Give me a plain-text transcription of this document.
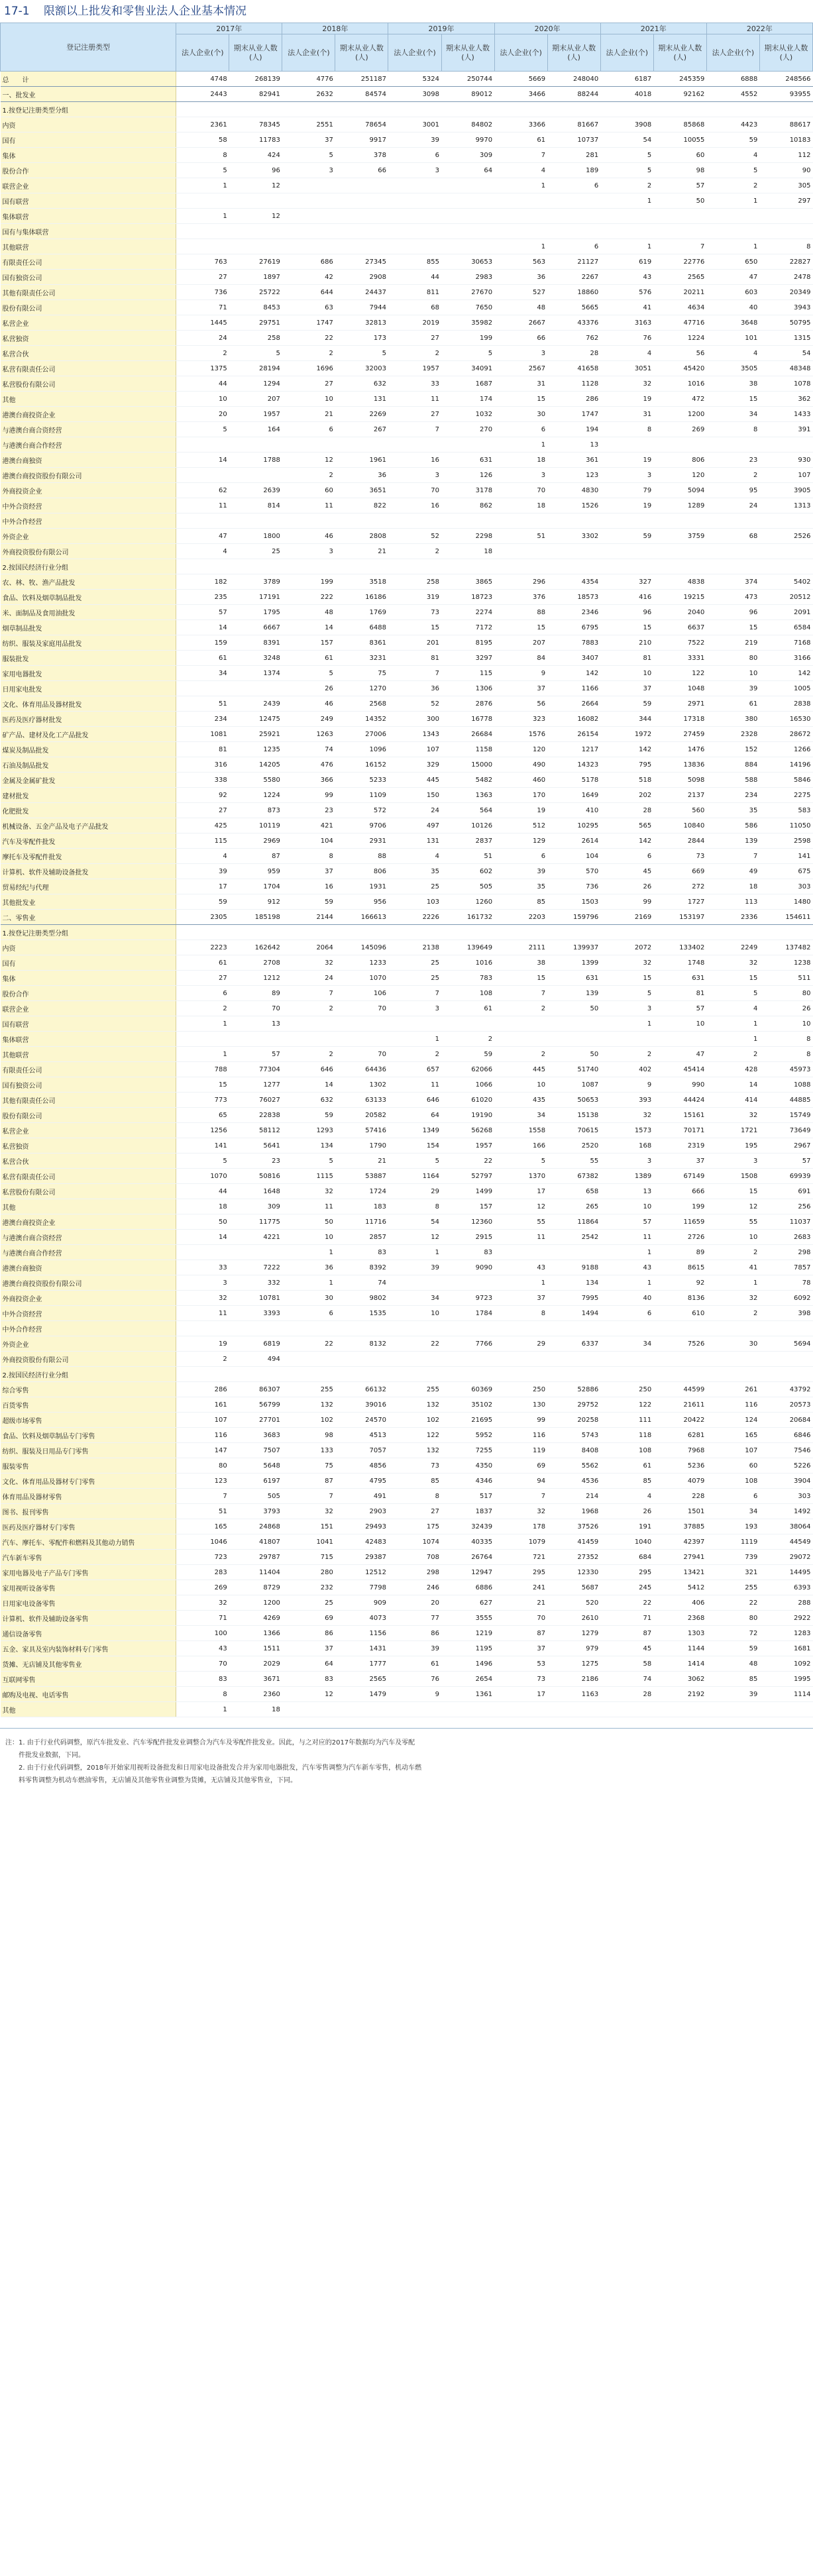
17-1 限额以上批发和零售业法人企业基本情况
登记注册类型	2017年		2018年		2019年		2020年		2021年		2022年	
	法人企业(个)	期末从业人数(人)	法人企业(个)	期末从业人数(人)	法人企业(个)	期末从业人数(人)	法人企业(个)	期末从业人数(人)	法人企业(个)	期末从业人数(人)	法人企业(个)	期末从业人数(人)
总　　计	4748	268139	4776	251187	5324	250744	5669	248040	6187	245359	6888	248566
一、批发业	2443	82941	2632	84574	3098	89012	3466	88244	4018	92162	4552	93955
1.按登记注册类型分组												
内资	2361	78345	2551	78654	3001	84802	3366	81667	3908	85868	4423	88617
国有	58	11783	37	9917	39	9970	61	10737	54	10055	59	10183
集体	8	424	5	378	6	309	7	281	5	60	4	112
股份合作	5	96	3	66	3	64	4	189	5	98	5	90
联营企业	1	12					1	6	2	57	2	305
国有联营									1	50	1	297
集体联营	1	12										
国有与集体联营												
其他联营							1	6	1	7	1	8
有限责任公司	763	27619	686	27345	855	30653	563	21127	619	22776	650	22827
国有独资公司	27	1897	42	2908	44	2983	36	2267	43	2565	47	2478
其他有限责任公司	736	25722	644	24437	811	27670	527	18860	576	20211	603	20349
股份有限公司	71	8453	63	7944	68	7650	48	5665	41	4634	40	3943
私营企业	1445	29751	1747	32813	2019	35982	2667	43376	3163	47716	3648	50795
私营独资	24	258	22	173	27	199	66	762	76	1224	101	1315
私营合伙	2	5	2	5	2	5	3	28	4	56	4	54
私营有限责任公司	1375	28194	1696	32003	1957	34091	2567	41658	3051	45420	3505	48348
私营股份有限公司	44	1294	27	632	33	1687	31	1128	32	1016	38	1078
其他	10	207	10	131	11	174	15	286	19	472	15	362
港澳台商投资企业	20	1957	21	2269	27	1032	30	1747	31	1200	34	1433
与港澳台商合资经营	5	164	6	267	7	270	6	194	8	269	8	391
与港澳台商合作经营							1	13				
港澳台商独资	14	1788	12	1961	16	631	18	361	19	806	23	930
港澳台商投资股份有限公司			2	36	3	126	3	123	3	120	2	107
外商投资企业	62	2639	60	3651	70	3178	70	4830	79	5094	95	3905
中外合资经营	11	814	11	822	16	862	18	1526	19	1289	24	1313
中外合作经营												
外资企业	47	1800	46	2808	52	2298	51	3302	59	3759	68	2526
外商投资股份有限公司	4	25	3	21	2	18						
2.按国民经济行业分组												
农、林、牧、渔产品批发	182	3789	199	3518	258	3865	296	4354	327	4838	374	5402
食品、饮料及烟草制品批发	235	17191	222	16186	319	18723	376	18573	416	19215	473	20512
米、面制品及食用油批发	57	1795	48	1769	73	2274	88	2346	96	2040	96	2091
烟草制品批发	14	6667	14	6488	15	7172	15	6795	15	6637	15	6584
纺织、服装及家庭用品批发	159	8391	157	8361	201	8195	207	7883	210	7522	219	7168
服装批发	61	3248	61	3231	81	3297	84	3407	81	3331	80	3166
家用电器批发	34	1374	5	75	7	115	9	142	10	122	10	142
日用家电批发			26	1270	36	1306	37	1166	37	1048	39	1005
文化、体育用品及器材批发	51	2439	46	2568	52	2876	56	2664	59	2971	61	2838
医药及医疗器材批发	234	12475	249	14352	300	16778	323	16082	344	17318	380	16530
矿产品、建材及化工产品批发	1081	25921	1263	27006	1343	26684	1576	26154	1972	27459	2328	28672
煤炭及制品批发	81	1235	74	1096	107	1158	120	1217	142	1476	152	1266
石油及制品批发	316	14205	476	16152	329	15000	490	14323	795	13836	884	14196
金属及金属矿批发	338	5580	366	5233	445	5482	460	5178	518	5098	588	5846
建材批发	92	1224	99	1109	150	1363	170	1649	202	2137	234	2275
化肥批发	27	873	23	572	24	564	19	410	28	560	35	583
机械设备、五金产品及电子产品批发	425	10119	421	9706	497	10126	512	10295	565	10840	586	11050
汽车及零配件批发	115	2969	104	2931	131	2837	129	2614	142	2844	139	2598
摩托车及零配件批发	4	87	8	88	4	51	6	104	6	73	7	141
计算机、软件及辅助设备批发	39	959	37	806	35	602	39	570	45	669	49	675
贸易经纪与代理	17	1704	16	1931	25	505	35	736	26	272	18	303
其他批发业	59	912	59	956	103	1260	85	1503	99	1727	113	1480
二、零售业	2305	185198	2144	166613	2226	161732	2203	159796	2169	153197	2336	154611
1.按登记注册类型分组												
内资	2223	162642	2064	145096	2138	139649	2111	139937	2072	133402	2249	137482
国有	61	2708	32	1233	25	1016	38	1399	32	1748	32	1238
集体	27	1212	24	1070	25	783	15	631	15	631	15	511
股份合作	6	89	7	106	7	108	7	139	5	81	5	80
联营企业	2	70	2	70	3	61	2	50	3	57	4	26
国有联营	1	13							1	10	1	10
集体联营					1	2					1	8
其他联营	1	57	2	70	2	59	2	50	2	47	2	8
有限责任公司	788	77304	646	64436	657	62066	445	51740	402	45414	428	45973
国有独资公司	15	1277	14	1302	11	1066	10	1087	9	990	14	1088
其他有限责任公司	773	76027	632	63133	646	61020	435	50653	393	44424	414	44885
股份有限公司	65	22838	59	20582	64	19190	34	15138	32	15161	32	15749
私营企业	1256	58112	1293	57416	1349	56268	1558	70615	1573	70171	1721	73649
私营独资	141	5641	134	1790	154	1957	166	2520	168	2319	195	2967
私营合伙	5	23	5	21	5	22	5	55	3	37	3	57
私营有限责任公司	1070	50816	1115	53887	1164	52797	1370	67382	1389	67149	1508	69939
私营股份有限公司	44	1648	32	1724	29	1499	17	658	13	666	15	691
其他	18	309	11	183	8	157	12	265	10	199	12	256
港澳台商投资企业	50	11775	50	11716	54	12360	55	11864	57	11659	55	11037
与港澳台商合资经营	14	4221	10	2857	12	2915	11	2542	11	2726	10	2683
与港澳台商合作经营			1	83	1	83			1	89	2	298
港澳台商独资	33	7222	36	8392	39	9090	43	9188	43	8615	41	7857
港澳台商投资股份有限公司	3	332	1	74			1	134	1	92	1	78
外商投资企业	32	10781	30	9802	34	9723	37	7995	40	8136	32	6092
中外合资经营	11	3393	6	1535	10	1784	8	1494	6	610	2	398
中外合作经营												
外资企业	19	6819	22	8132	22	7766	29	6337	34	7526	30	5694
外商投资股份有限公司	2	494										
2.按国民经济行业分组												
综合零售	286	86307	255	66132	255	60369	250	52886	250	44599	261	43792
百货零售	161	56799	132	39016	132	35102	130	29752	122	21611	116	20573
超级市场零售	107	27701	102	24570	102	21695	99	20258	111	20422	124	20684
食品、饮料及烟草制品专门零售	116	3683	98	4513	122	5952	116	5743	118	6281	165	6846
纺织、服装及日用品专门零售	147	7507	133	7057	132	7255	119	8408	108	7968	107	7546
服装零售	80	5648	75	4856	73	4350	69	5562	61	5236	60	5226
文化、体育用品及器材专门零售	123	6197	87	4795	85	4346	94	4536	85	4079	108	3904
体育用品及器材零售	7	505	7	491	8	517	7	214	4	228	6	303
图书、报刊零售	51	3793	32	2903	27	1837	32	1968	26	1501	34	1492
医药及医疗器材专门零售	165	24868	151	29493	175	32439	178	37526	191	37885	193	38064
汽车、摩托车、零配件和燃料及其他动力销售	1046	41807	1041	42483	1074	40335	1079	41459	1040	42397	1119	44549
汽车新车零售	723	29787	715	29387	708	26764	721	27352	684	27941	739	29072
家用电器及电子产品专门零售	283	11404	280	12512	298	12947	295	12330	295	13421	321	14495
家用视听设备零售	269	8729	232	7798	246	6886	241	5687	245	5412	255	6393
日用家电设备零售	32	1200	25	909	20	627	21	520	22	406	22	288
计算机、软件及辅助设备零售	71	4269	69	4073	77	3555	70	2610	71	2368	80	2922
通信设备零售	100	1366	86	1156	86	1219	87	1279	87	1303	72	1283
五金、家具及室内装饰材料专门零售	43	1511	37	1431	39	1195	37	979	45	1144	59	1681
货摊、无店铺及其他零售业	70	2029	64	1777	61	1496	53	1275	58	1414	48	1092
互联网零售	83	3671	83	2565	76	2654	73	2186	74	3062	85	1995
邮购及电视、电话零售	8	2360	12	1479	9	1361	17	1163	28	2192	39	1114
其他	1	18										
注：1. 由于行业代码调整，原汽车批发业、汽车零配件批发业调整合为汽车及零配件批发业。因此，与之对应的2017年数据均为汽车及零配
　　件批发业数据，下同。
　　2. 由于行业代码调整，2018年开始家用视听设备批发和日用家电设备批发合并为家用电器批发，汽车零售调整为汽车新车零售，机动车燃
　　料零售调整为机动车燃油零售，无店铺及其他零售业调整为货摊，无店铺及其他零售业，下同。
